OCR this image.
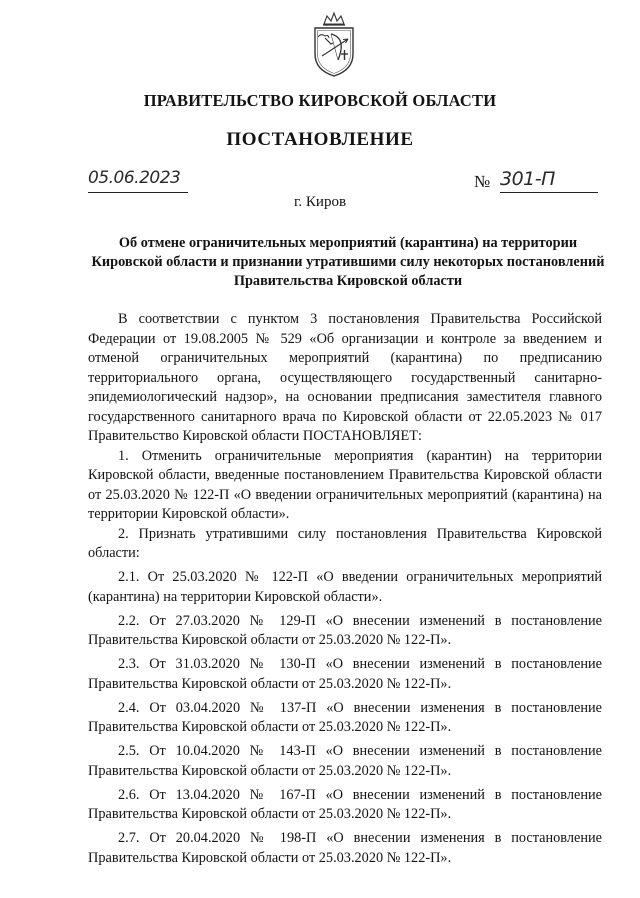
ПРАВИТЕЛЬСТВО КИРОВСКОЙ ОБЛАСТИ
ПОСТАНОВЛЕНИЕ
05.06.2023	№ 301-П
г. Киров
Об отмене ограничительных мероприятий (карантина) на территории Кировской области и признании утратившими силу некоторых постановлений Правительства Кировской области

В соответствии с пунктом 3 постановления Правительства Российской Федерации от 19.08.2005 № 529 «Об организации и контроле за введением и отменой ограничительных мероприятий (карантина) по предписанию территориального органа, осуществляющего государственный санитарно-эпидемиологический надзор», на основании предписания заместителя главного государственного санитарного врача по Кировской области от 22.05.2023 № 017 Правительство Кировской области ПОСТАНОВЛЯЕТ:

1. Отменить ограничительные мероприятия (карантин) на территории Кировской области, введенные постановлением Правительства Кировской области от 25.03.2020 № 122-П «О введении ограничительных мероприятий (карантина) на территории Кировской области».

2. Признать утратившими силу постановления Правительства Кировской области:

2.1. От 25.03.2020 № 122-П «О введении ограничительных мероприятий (карантина) на территории Кировской области».

2.2. От 27.03.2020 № 129-П «О внесении изменений в постановление Правительства Кировской области от 25.03.2020 № 122-П».

2.3. От 31.03.2020 № 130-П «О внесении изменений в постановление Правительства Кировской области от 25.03.2020 № 122-П».

2.4. От 03.04.2020 № 137-П «О внесении изменения в постановление Правительства Кировской области от 25.03.2020 № 122-П».

2.5. От 10.04.2020 № 143-П «О внесении изменений в постановление Правительства Кировской области от 25.03.2020 № 122-П».

2.6. От 13.04.2020 № 167-П «О внесении изменений в постановление Правительства Кировской области от 25.03.2020 № 122-П».

2.7. От 20.04.2020 № 198-П «О внесении изменения в постановление Правительства Кировской области от 25.03.2020 № 122-П».
